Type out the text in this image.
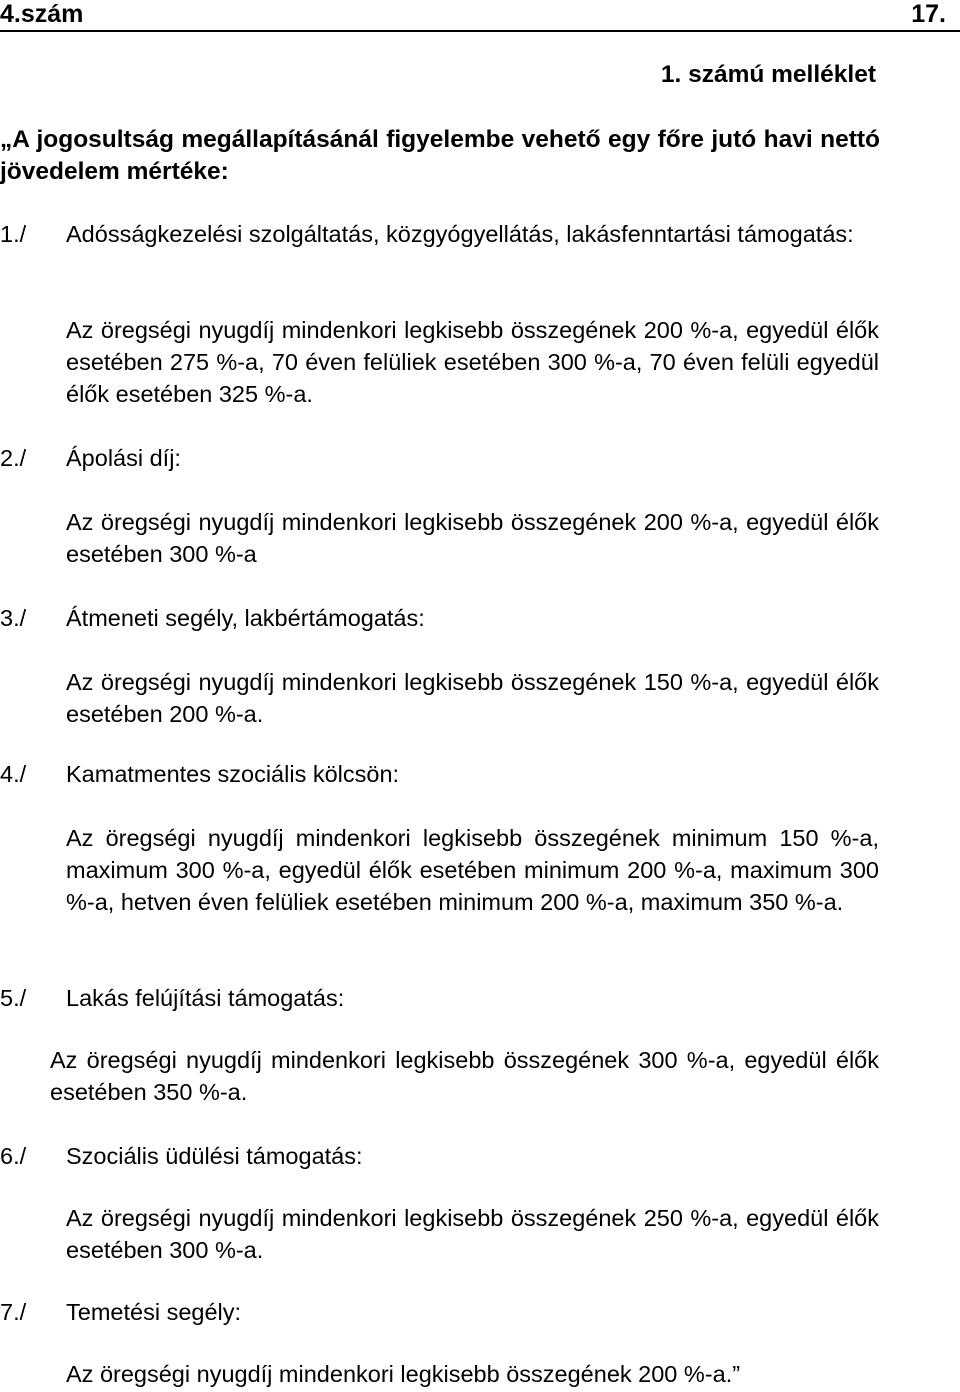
4.szám	17.
1. számú melléklet
„A jogosultság megállapításánál figyelembe vehető egy főre jutó havi nettó jövedelem mértéke:
1./ Adósságkezelési szolgáltatás, közgyógyellátás, lakásfenntartási támogatás:
Az öregségi nyugdíj mindenkori legkisebb összegének 200 %-a, egyedül élők esetében 275 %-a, 70 éven felüliek esetében 300 %-a, 70 éven felüli egyedül élők esetében 325 %-a.
2./ Ápolási díj:
Az öregségi nyugdíj mindenkori legkisebb összegének 200 %-a, egyedül élők esetében 300 %-a
3./ Átmeneti segély, lakbértámogatás:
Az öregségi nyugdíj mindenkori legkisebb összegének 150 %-a, egyedül élők esetében 200 %-a.
4./ Kamatmentes szociális kölcsön:
Az öregségi nyugdíj mindenkori legkisebb összegének minimum 150 %-a, maximum 300 %-a, egyedül élők esetében minimum 200 %-a, maximum 300 %-a, hetven éven felüliek esetében minimum 200 %-a, maximum 350 %-a.
5./ Lakás felújítási támogatás:
Az öregségi nyugdíj mindenkori legkisebb összegének 300 %-a, egyedül élők esetében 350 %-a.
6./ Szociális üdülési támogatás:
Az öregségi nyugdíj mindenkori legkisebb összegének 250 %-a, egyedül élők esetében 300 %-a.
7./ Temetési segély:
Az öregségi nyugdíj mindenkori legkisebb összegének 200 %-a.”
